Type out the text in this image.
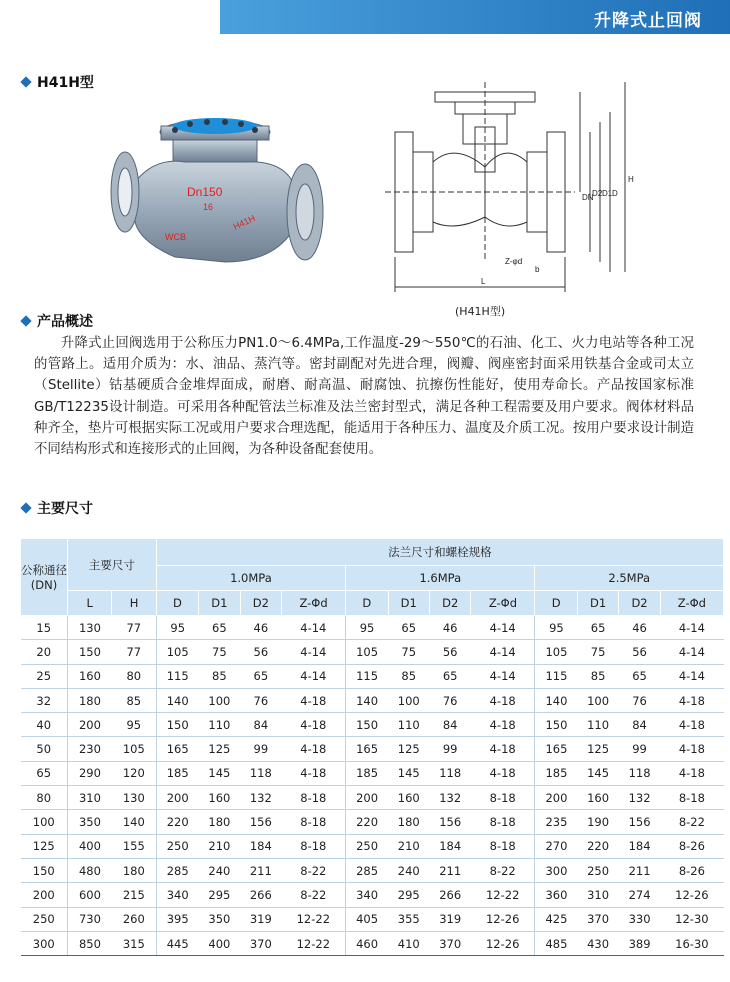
升降式止回阀
H41H型
Dn150
16
WCB
H41H
L
H
DN
D2 D1 D
b
Z-φd
(H41H型)
产品概述
升降式止回阀选用于公称压力PN1.0～6.4MPa,工作温度-29～550℃的石油、化工、火力电站等各种工况的管路上。适用介质为：水、油品、蒸汽等。密封副配对先进合理，阀瓣、阀座密封面采用铁基合金或司太立（Stellite）钴基硬质合金堆焊面成，耐磨、耐高温、耐腐蚀、抗擦伤性能好，使用寿命长。产品按国家标准GB/T12235设计制造。可采用各种配管法兰标准及法兰密封型式，满足各种工程需要及用户要求。阀体材料品种齐全，垫片可根据实际工况或用户要求合理选配，能适用于各种压力、温度及介质工况。按用户要求设计制造不同结构形式和连接形式的止回阀，为各种设备配套使用。
主要尺寸
公称通径(DN)	主要尺寸		法兰尺寸和螺栓规格											
			1.0MPa				1.6MPa				2.5MPa			
	L	H	D	D1	D2	Z-Φd	D	D1	D2	Z-Φd	D	D1	D2	Z-Φd
15	130	77	95	65	46	4-14	95	65	46	4-14	95	65	46	4-14
20	150	77	105	75	56	4-14	105	75	56	4-14	105	75	56	4-14
25	160	80	115	85	65	4-14	115	85	65	4-14	115	85	65	4-14
32	180	85	140	100	76	4-18	140	100	76	4-18	140	100	76	4-18
40	200	95	150	110	84	4-18	150	110	84	4-18	150	110	84	4-18
50	230	105	165	125	99	4-18	165	125	99	4-18	165	125	99	4-18
65	290	120	185	145	118	4-18	185	145	118	4-18	185	145	118	4-18
80	310	130	200	160	132	8-18	200	160	132	8-18	200	160	132	8-18
100	350	140	220	180	156	8-18	220	180	156	8-18	235	190	156	8-22
125	400	155	250	210	184	8-18	250	210	184	8-18	270	220	184	8-26
150	480	180	285	240	211	8-22	285	240	211	8-22	300	250	211	8-26
200	600	215	340	295	266	8-22	340	295	266	12-22	360	310	274	12-26
250	730	260	395	350	319	12-22	405	355	319	12-26	425	370	330	12-30
300	850	315	445	400	370	12-22	460	410	370	12-26	485	430	389	16-30
